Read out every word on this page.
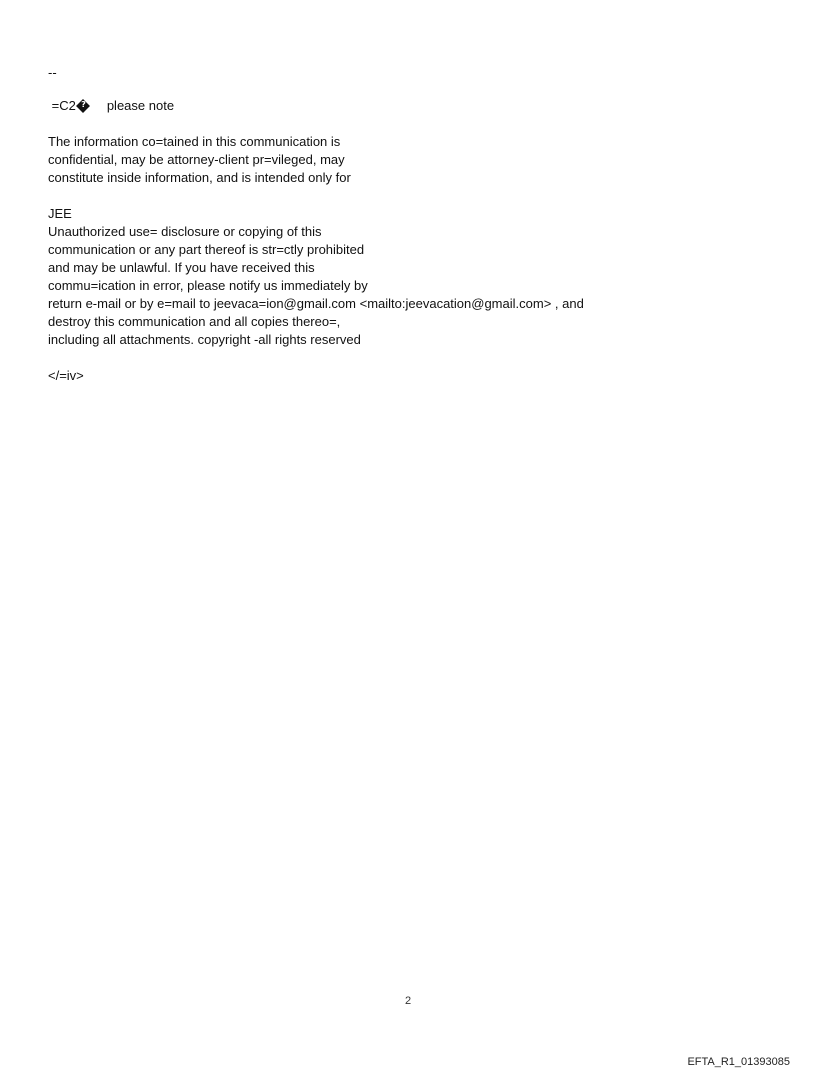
--
=C2
? please note
The information co=tained in this communication is
confidential, may be attorney-client pr=vileged, may
constitute inside information, and is intended only for
JEE
Unauthorized use= disclosure or copying of this
communication or any part thereof is str=ctly prohibited
and may be unlawful. If you have received this
commu=ication in error, please notify us immediately by
return e-mail or by e=mail to jeevaca=ion@gmail.com <mailto:jeevacation@gmail.com> , and
destroy this communication and all copies thereo=,
including all attachments. copyright -all rights reserved
</=iv>
2
EFTA_R1_01393085
